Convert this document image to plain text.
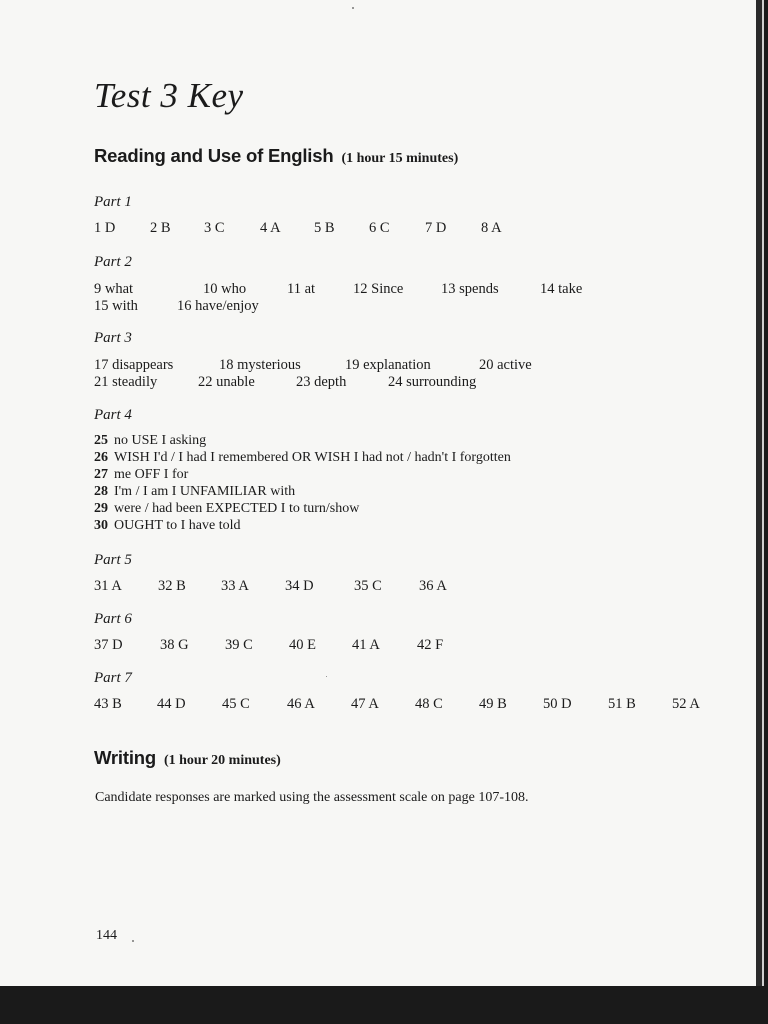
Test 3 Key
Reading and Use of English (1 hour 15 minutes)

Part 1

1 D 2 B 3 C 4 A 5 B 6 C 7 D 8 A

Part 2

9 what	10 who	11 at	12 Since	13 spends	14 take
15 with	16 have/enjoy

Part 3

17 disappears	18 mysterious	19 explanation	20 active
21 steadily	22 unable	23 depth	24 surrounding

Part 4

25 no USE I asking

26 WISH I'd / I had I remembered OR WISH I had not / hadn't I forgotten

27 me OFF I for

28 I'm / I am I UNFAMILIAR with

29 were / had been EXPECTED I to turn/show

30 OUGHT to I have told

Part 5

31 A 32 B 33 A 34 D	35 C	36 A

Part 6

37 D	38 G	39 C 40 E 41 A	42 F

Part 7

43 B 44 D	45 C	46 A 47 A 48 C 49 B 50 D	51 B 52 A
Writing (1 hour 20 minutes)

Candidate responses are marked using the assessment scale on page 107-108.

144
